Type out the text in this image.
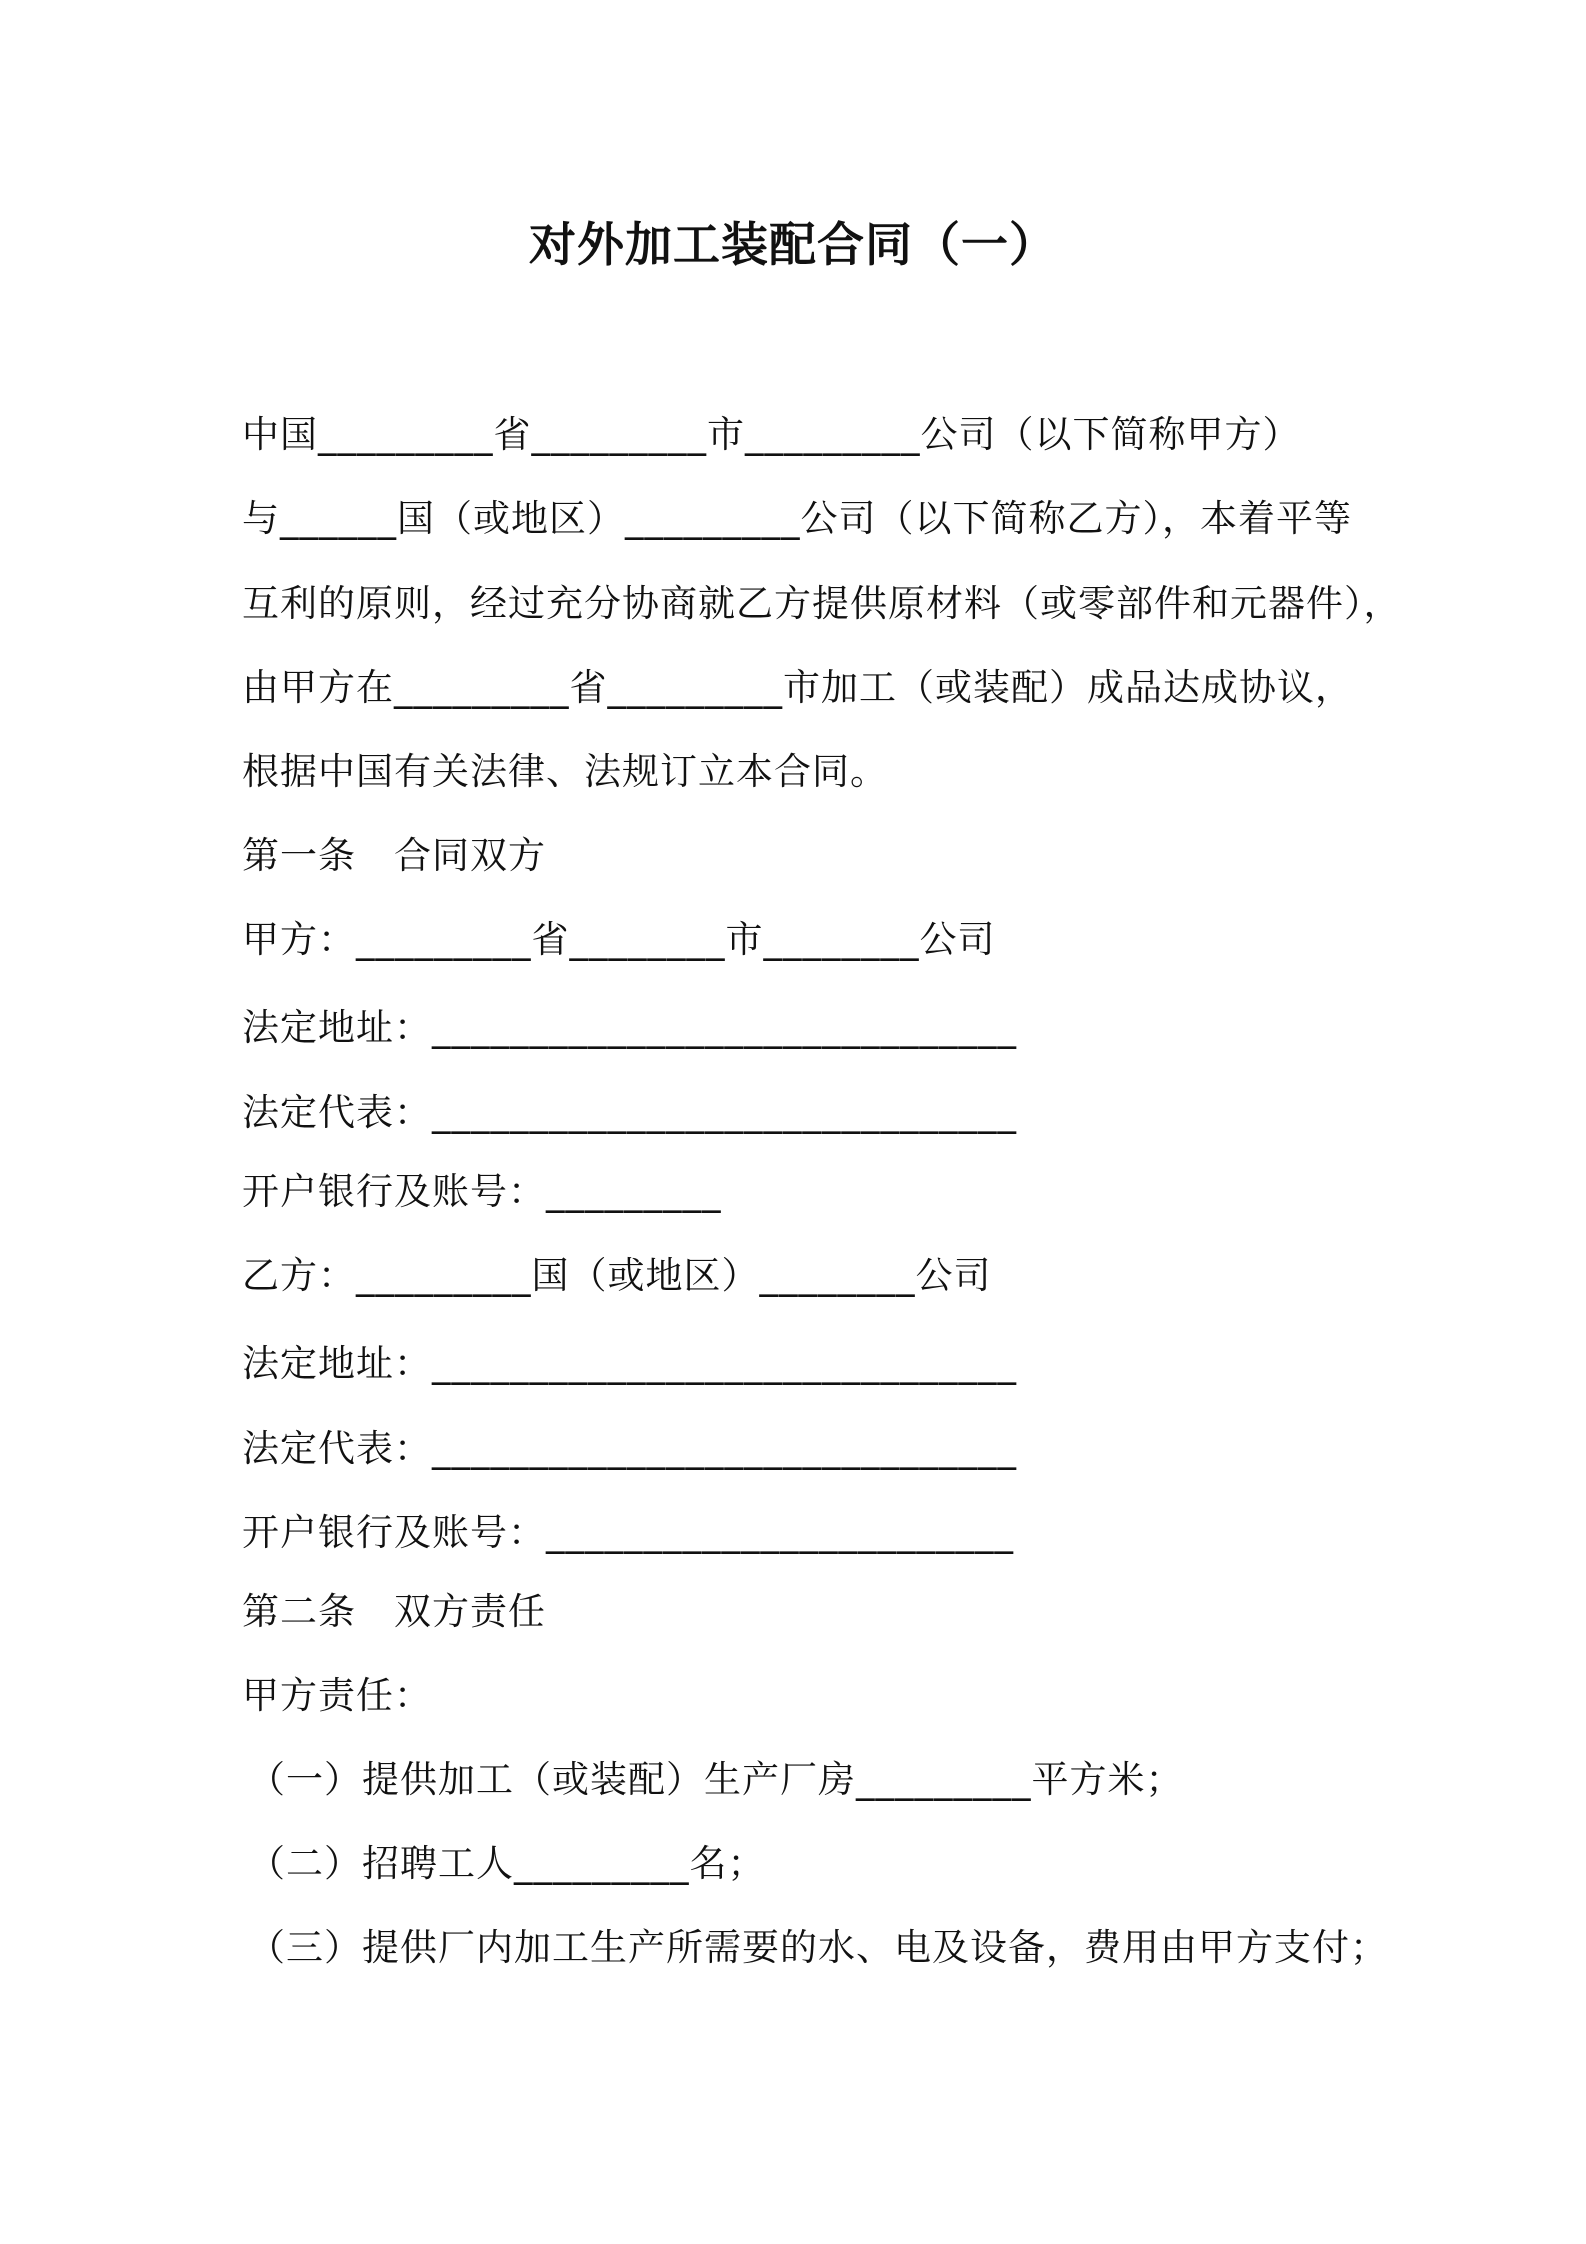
对外加工装配合同（一）
中国_________省_________市_________公司（以下简称甲方）
与______国（或地区）_________公司（以下简称乙方），本着平等
互利的原则，经过充分协商就乙方提供原材料（或零部件和元器件），
由甲方在_________省_________市加工（或装配）成品达成协议，
根据中国有关法律、法规订立本合同。
第一条　合同双方
甲方：_________省________市________公司
法定地址：______________________________
法定代表：______________________________
开户银行及账号：_________
乙方：_________国（或地区）________公司
法定地址：______________________________
法定代表：______________________________
开户银行及账号：________________________
第二条　双方责任
甲方责任：
（一）提供加工（或装配）生产厂房_________平方米；
（二）招聘工人_________名；
（三）提供厂内加工生产所需要的水、电及设备，费用由甲方支付；
